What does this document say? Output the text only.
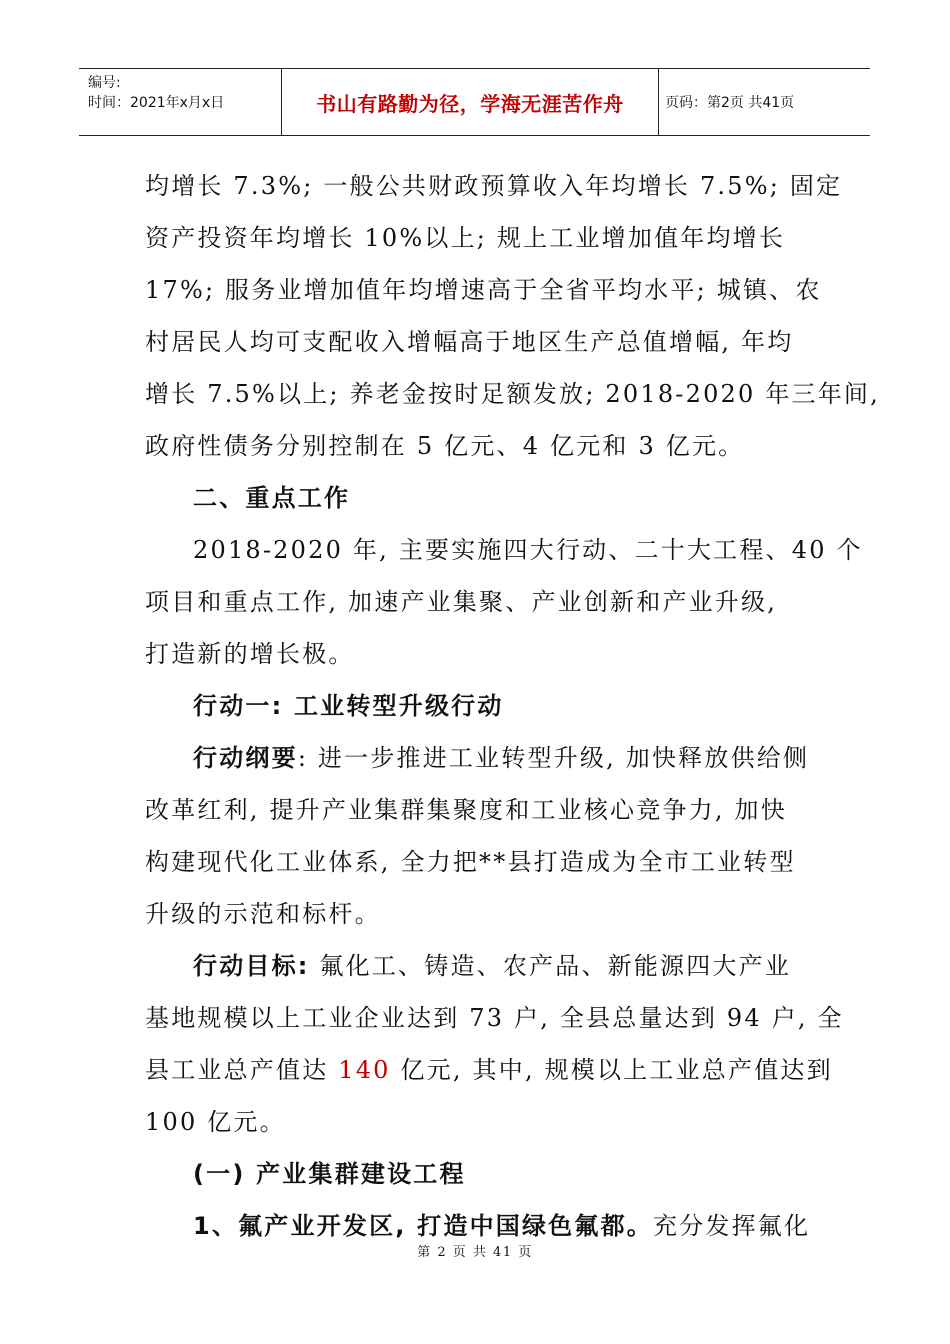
编号:
时间：2021年x月x日	书山有路勤为径，学海无涯苦作舟	页码：第2页 共41页
均增长 7.3%; 一般公共财政预算收入年均增长 7.5%; 固定
资产投资年均增长 10%以上; 规上工业增加值年均增长
17%; 服务业增加值年均增速高于全省平均水平; 城镇、农
村居民人均可支配收入增幅高于地区生产总值增幅, 年均
增长 7.5%以上; 养老金按时足额发放; 2018-2020 年三年间,
政府性债务分别控制在 5 亿元、4 亿元和 3 亿元。
二、重点工作
2018-2020 年, 主要实施四大行动、二十大工程、40 个
项目和重点工作, 加速产业集聚、产业创新和产业升级,
打造新的增长极。
行动一: 工业转型升级行动
行动纲要: 进一步推进工业转型升级, 加快释放供给侧
改革红利, 提升产业集群集聚度和工业核心竞争力, 加快
构建现代化工业体系, 全力把**县打造成为全市工业转型
升级的示范和标杆。
行动目标: 氟化工、铸造、农产品、新能源四大产业
基地规模以上工业企业达到 73 户, 全县总量达到 94 户, 全
县工业总产值达 140 亿元, 其中, 规模以上工业总产值达到
100 亿元。
(一) 产业集群建设工程
1、氟产业开发区, 打造中国绿色氟都。充分发挥氟化
第 2 页 共 41 页
